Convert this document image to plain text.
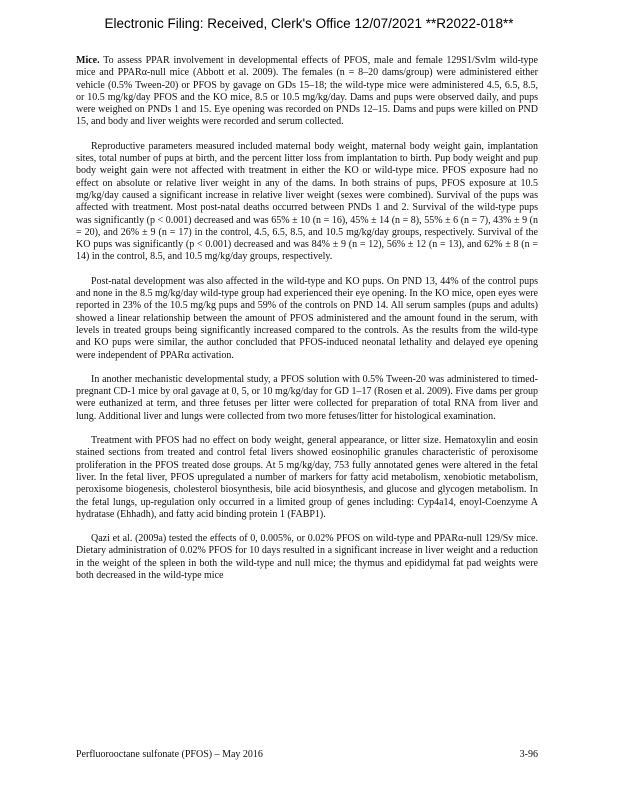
Electronic Filing: Received, Clerk's Office 12/07/2021 **R2022-018**

Mice. To assess PPAR involvement in developmental effects of PFOS, male and female 129S1/Svlm wild-type mice and PPARα-null mice (Abbott et al. 2009). The females (n = 8–20 dams/group) were administered either vehicle (0.5% Tween-20) or PFOS by gavage on GDs 15–18; the wild-type mice were administered 4.5, 6.5, 8.5, or 10.5 mg/kg/day PFOS and the KO mice, 8.5 or 10.5 mg/kg/day. Dams and pups were observed daily, and pups were weighed on PNDs 1 and 15. Eye opening was recorded on PNDs 12–15. Dams and pups were killed on PND 15, and body and liver weights were recorded and serum collected.

Reproductive parameters measured included maternal body weight, maternal body weight gain, implantation sites, total number of pups at birth, and the percent litter loss from implantation to birth. Pup body weight and pup body weight gain were not affected with treatment in either the KO or wild-type mice. PFOS exposure had no effect on absolute or relative liver weight in any of the dams. In both strains of pups, PFOS exposure at 10.5 mg/kg/day caused a significant increase in relative liver weight (sexes were combined). Survival of the pups was affected with treatment. Most post-natal deaths occurred between PNDs 1 and 2. Survival of the wild-type pups was significantly (p < 0.001) decreased and was 65% ± 10 (n = 16), 45% ± 14 (n = 8), 55% ± 6 (n = 7), 43% ± 9 (n = 20), and 26% ± 9 (n = 17) in the control, 4.5, 6.5, 8.5, and 10.5 mg/kg/day groups, respectively. Survival of the KO pups was significantly (p < 0.001) decreased and was 84% ± 9 (n = 12), 56% ± 12 (n = 13), and 62% ± 8 (n = 14) in the control, 8.5, and 10.5 mg/kg/day groups, respectively.

Post-natal development was also affected in the wild-type and KO pups. On PND 13, 44% of the control pups and none in the 8.5 mg/kg/day wild-type group had experienced their eye opening. In the KO mice, open eyes were reported in 23% of the 10.5 mg/kg pups and 59% of the controls on PND 14. All serum samples (pups and adults) showed a linear relationship between the amount of PFOS administered and the amount found in the serum, with levels in treated groups being significantly increased compared to the controls. As the results from the wild-type and KO pups were similar, the author concluded that PFOS-induced neonatal lethality and delayed eye opening were independent of PPARα activation.

In another mechanistic developmental study, a PFOS solution with 0.5% Tween-20 was administered to timed-pregnant CD-1 mice by oral gavage at 0, 5, or 10 mg/kg/day for GD 1–17 (Rosen et al. 2009). Five dams per group were euthanized at term, and three fetuses per litter were collected for preparation of total RNA from liver and lung. Additional liver and lungs were collected from two more fetuses/litter for histological examination.

Treatment with PFOS had no effect on body weight, general appearance, or litter size. Hematoxylin and eosin stained sections from treated and control fetal livers showed eosinophilic granules characteristic of peroxisome proliferation in the PFOS treated dose groups. At 5 mg/kg/day, 753 fully annotated genes were altered in the fetal liver. In the fetal liver, PFOS upregulated a number of markers for fatty acid metabolism, xenobiotic metabolism, peroxisome biogenesis, cholesterol biosynthesis, bile acid biosynthesis, and glucose and glycogen metabolism. In the fetal lungs, up-regulation only occurred in a limited group of genes including: Cyp4a14, enoyl-Coenzyme A hydratase (Ehhadh), and fatty acid binding protein 1 (FABP1).

Qazi et al. (2009a) tested the effects of 0, 0.005%, or 0.02% PFOS on wild-type and PPARα-null 129/Sv mice. Dietary administration of 0.02% PFOS for 10 days resulted in a significant increase in liver weight and a reduction in the weight of the spleen in both the wild-type and null mice; the thymus and epididymal fat pad weights were both decreased in the wild-type mice

Perfluorooctane sulfonate (PFOS) – May 2016	3-96
